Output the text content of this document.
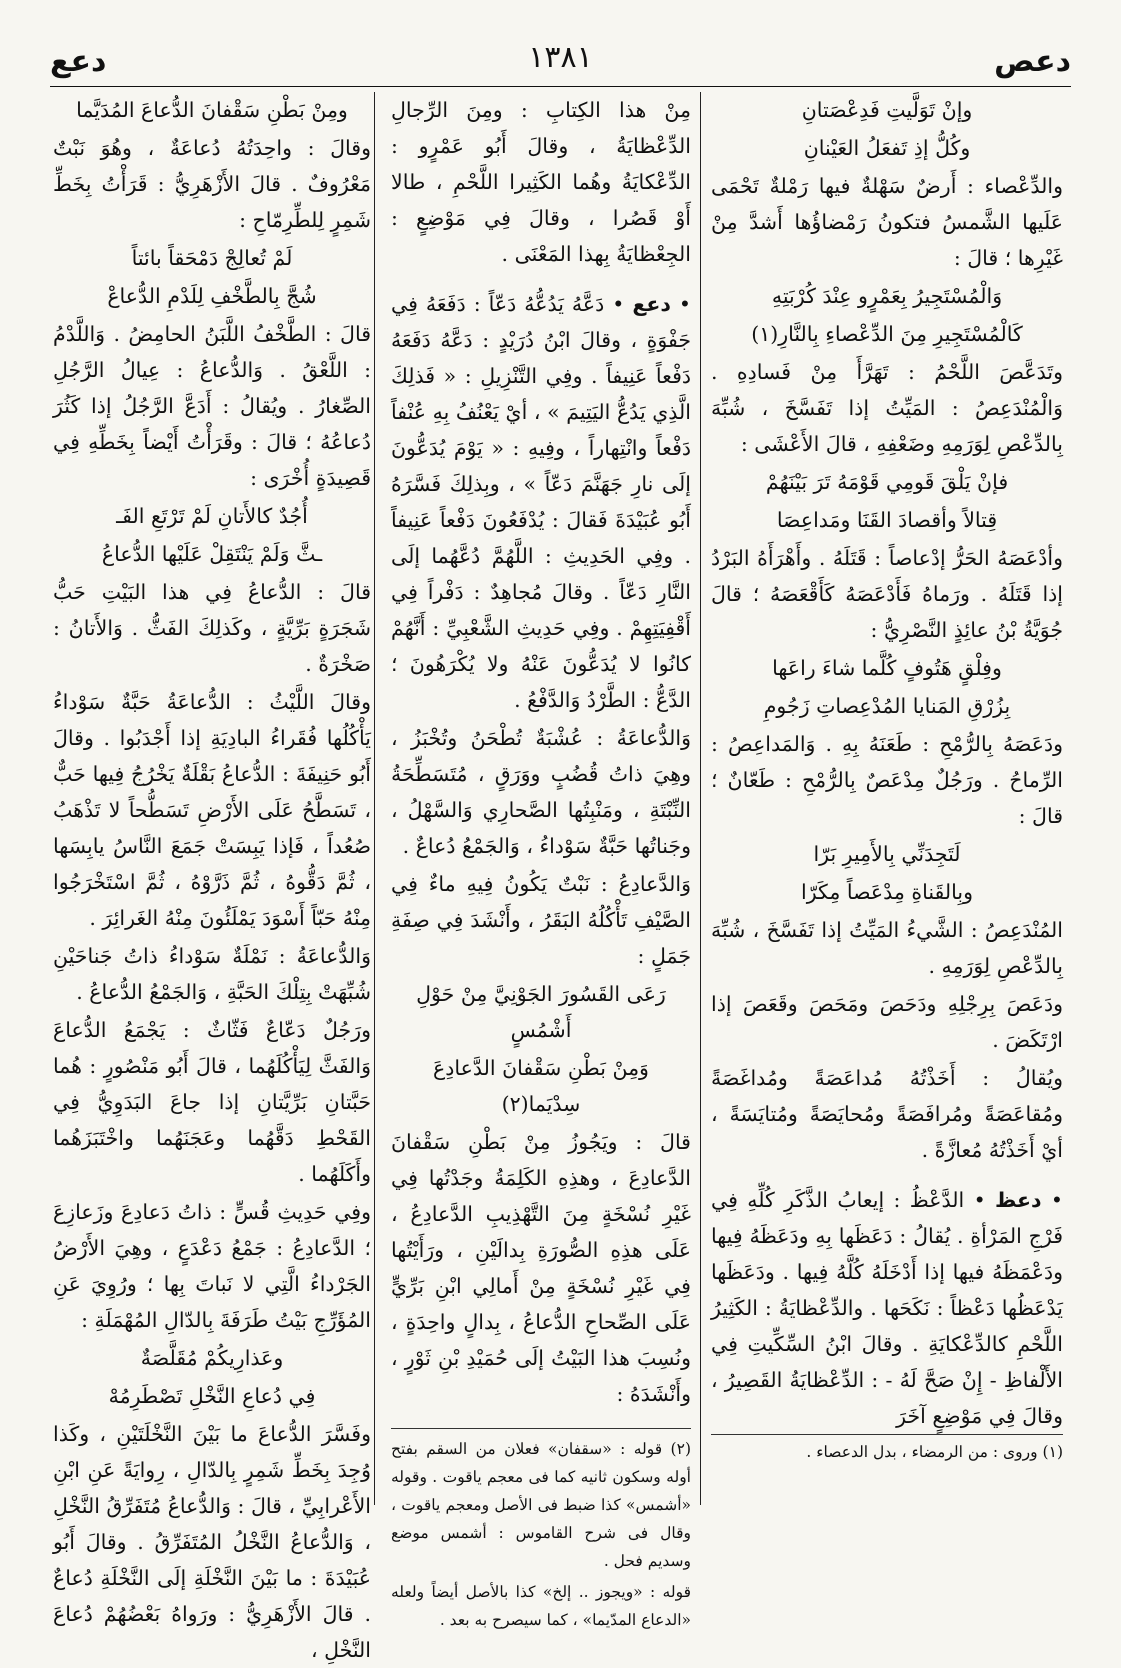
دعص
١٣٨١
دعع

وإنْ تَوَلَّيتِ فَدِعْصَتانِ

وكُلُّ إذِ تَفعَلُ العَيْنانِ

والدِّعْصاء : أَرضٌ سَهْلةٌ فيها رَمْلةٌ تَحْمَى عَلَيها الشَّمسُ فتكونُ رَمْضاؤُها أَشدَّ مِنْ غَيْرِها ؛ قالَ :

وَالْمُسْتَجِيرُ بِعَمْرٍو عِنْدَ كُرْبَتِهِ

كَالْمُسْتَجِيرِ مِنَ الدِّعْصاءِ بِالنَّارِ(١)

وتَدَعَّصَ اللَّحْمُ : تَهَرَّأَ مِنْ فَسادِهِ . وَالْمُنْدَعِصُ : المَيِّتُ إذا تَفَسَّخَ ، شُبِّهَ بِالدِّعْصِ لِوَرَمِهِ وضَعْفِهِ ، قالَ الأَعْشَى :

فإنْ يَلْقَ قَومِي قَوْمَهُ تَرَ بَيْنَهُمْ

قِتالاً وأقصادَ القَنَا ومَداعِصَا

وأدْعَصَهُ الحَرُّ إدْعاصاً : قَتَلَهُ . وأَهْرَأَهُ البَرْدُ إذا قَتَلَهُ . ورَماهُ فَأَدْعَصَهُ كَأَقْعَصَهُ ؛ قالَ جُوَيَّةُ بْنُ عائِذٍ النَّصْرِيُّ :

وفِلْقٍ هَتُوفٍ كُلَّما شاءَ راعَها

بِزُرْقِ المَنايا المُدْعِصاتِ زَجُومِ

ودَعَصَهُ بِالرُّمْحِ : طَعَنَهُ بِهِ . وَالمَداعِصُ : الرِّماحُ . ورَجُلٌ مِدْعَصٌ بِالرُّمْحِ : طَعّانٌ ؛ قالَ :

لَتَجِدَنِّي بِالأَمِيرِ بَرّا

وبِالقَناةِ مِدْعَصاً مِكَرّا

المُنْدَعِصُ : الشَّيءُ المَيِّتُ إذا تَفَسَّخَ ، شُبِّهَ بِالدِّعْصِ لِوَرَمِهِ .

ودَعَصَ بِرِجْلِهِ ودَحَصَ ومَحَصَ وقَعَصَ إذا ارْتَكَضَ .

ويُقالُ : أَخَذْتُهُ مُداعَصَةً ومُداغَصَةً ومُقاعَصَةً ومُرافَصَةً ومُحايَصَةً ومُتايَسَةً ، أيْ أَخَذْتُهُ مُعازَّةً .

• دعظ • الدَّعْظُ : إيعابُ الذَّكَرِ كُلِّهِ فِي فَرْجِ المَرْأةِ . يُقالُ : دَعَظَها بِهِ ودَعَظَهُ فِيها ودَعْمَظَهُ فيها إذا أَدْخَلَهُ كُلَّهُ فِيها . ودَعَظَها يَدْعَظُها دَعْظاً : نَكَحَها . والدِّعْظايَةُ : الكَثِيرُ اللَّحْمِ كالدِّعْكايَةِ . وقالَ ابْنُ السِّكِّيتِ فِي الأَلْفاظِ - إِنْ صَحَّ لَهُ - : الدِّعْظايَةُ القَصِيرُ ، وقالَ فِي مَوْضِعٍ آخَرَ

(١) وروى : من الرمضاء ، بدل الدعصاء .

مِنْ هذا الكِتابِ : ومِنَ الرِّجالِ الدِّعْظايَةُ ، وقالَ أَبُو عَمْرٍو : الدِّعْكايَةُ وهُما الكَثِيرا اللَّحْمِ ، طالا أَوْ قَصُرا ، وقالَ فِي مَوْضِعٍ : الجِعْظايَةُ بِهذا المَعْنَى .

• دعع • دَعَّهُ يَدُعُّهُ دَعّاً : دَفَعَهُ فِي جَفْوَةٍ ، وقالَ ابْنُ دُرَيْدٍ : دَعَّهُ دَفَعَهُ دَفْعاً عَنِيفاً . وفِي التَّنْزِيلِ : « فَذلِكَ الَّذِي يَدُعُّ اليَتِيمَ » ، أيْ يَعْنُفُ بِهِ عُنْفاً دَفْعاً وانْتِهاراً ، وفِيهِ : « يَوْمَ يُدَعُّونَ إلَى نارِ جَهَنَّمَ دَعّاً » ، وبِذلِكَ فَسَّرَهُ أَبُو عُبَيْدَةَ فَقالَ : يُدْفَعُونَ دَفْعاً عَنِيفاً . وفِي الحَدِيثِ : اللَّهُمَّ دُعَّهُما إلَى النَّارِ دَعّاً . وقالَ مُجاهِدٌ : دَفْراً فِي أَقْفِيَتِهِمْ . وفِي حَدِيثِ الشَّعْبِيِّ : أَنَّهُمْ كانُوا لا يُدَعُّونَ عَنْهُ ولا يُكْرَهُونَ ؛ الدَّعُّ : الطَّرْدُ وَالدَّفْعُ .

وَالدُّعاعَةُ : عُشْبَةٌ تُطْحَنُ وتُخْبَزُ ، وهِيَ ذاتُ قُضُبٍ ووَرَقٍ ، مُتَسَطِّحَةُ النِّبْتَةِ ، ومَنْبِتُها الصَّحارِي وَالسَّهْلُ ، وجَناتُها حَبَّةٌ سَوْداءُ ، وَالجَمْعُ دُعاعٌ .

وَالدَّعادِعُ : نَبْتٌ يَكُونُ فِيهِ ماءٌ فِي الصَّيْفِ تَأْكُلُهُ البَقَرُ ، وأَنْشَدَ فِي صِفَةِ جَمَلٍ :

رَعَى القَسُورَ الجَوْنِيَّ مِنْ حَوْلِ أَشْمُسٍ

وَمِنْ بَطْنِ سَقْفانَ الدَّعادِعَ سِدْيَما(٢)

قالَ : ويَجُوزُ مِنْ بَطْنِ سَقْفانَ الدَّعادِعَ ، وهذِهِ الكَلِمَةُ وجَدْتُها فِي غَيْرِ نُسْخَةٍ مِنَ التَّهْذِيبِ الدَّعادِعُ ، عَلَى هذِهِ الصُّورَةِ بِدالَيْنِ ، ورَأَيْتُها فِي غَيْرِ نُسْخَةٍ مِنْ أَمالِي ابْنِ بَرِّيٍّ عَلَى الصِّحاحِ الدُّعاعُ ، بِدالٍ واحِدَةٍ ، ونُسِبَ هذا البَيْتُ إلَى حُمَيْدِ بْنِ ثَوْرٍ ، وأَنْشَدَهُ :

(٢) قوله : «سقفان» فعلان من السقم بفتح أوله وسكون ثانيه كما فى معجم ياقوت . وقوله «أشمس» كذا ضبط فى الأصل ومعجم ياقوت ، وقال فى شرح القاموس : أشمس موضع وسديم فحل .

قوله : «ويجوز .. إلخ» كذا بالأصل أيضاً ولعله «الدعاع المدّيما» ، كما سيصرح به بعد .

ومِنْ بَطْنِ سَقْفانَ الدُّعاعَ المُدَيَّما

وقالَ : واحِدَتُهُ دُعاعَةٌ ، وهُوَ نَبْتٌ مَعْرُوفٌ . قالَ الأَزْهَرِيُّ : قَرَأْتُ بِخَطِّ شَمِرٍ لِلطِّرِمّاحِ :

لَمْ تُعالِجْ دَمْحَقاً بائتاً

شُجَّ بِالطَّخْفِ لِلَدْمِ الدُّعاعْ

قالَ : الطَّخْفُ اللَّبَنُ الحامِضُ . وَاللَّدْمُ : اللَّعْقُ . وَالدُّعاعُ : عِيالُ الرَّجُلِ الصِّغارُ . ويُقالُ : أَدَعَّ الرَّجُلُ إذا كَثُرَ دُعاعُهُ ؛ قالَ : وقَرَأْتُ أَيْضاً بِخَطِّهِ فِي قَصِيدَةٍ أُخْرَى :

أُجُدٌ كالأَتانِ لَمْ تَرْتَعِ الفَـ

ـثَّ وَلَمْ يَنْتَقِلْ عَلَيْها الدُّعاعُ

قالَ : الدُّعاعُ فِي هذا البَيْتِ حَبُّ شَجَرَةٍ بَرِّيَّةٍ ، وكَذلِكَ الفَثُّ . وَالأَتانُ : صَخْرَةٌ .

وقالَ اللَّيْثُ : الدُّعاعَةُ حَبَّةٌ سَوْداءُ يَأْكُلُها فُقَراءُ البادِيَةِ إذا أَجْدَبُوا . وقالَ أَبُو حَنِيفَةَ : الدُّعاعُ بَقْلَةٌ يَخْرُجُ فِيها حَبٌّ ، تَسَطَّحُ عَلَى الأَرْضِ تَسَطُّحاً لا تَذْهَبُ صُعُداً ، فَإذا يَبِسَتْ جَمَعَ النَّاسُ يابِسَها ، ثُمَّ دَقُّوهُ ، ثُمَّ ذَرَّوْهُ ، ثُمَّ اسْتَخْرَجُوا مِنْهُ حَبّاً أَسْوَدَ يَمْلَئُونَ مِنْهُ الغَرائِرَ .

وَالدُّعاعَةُ : نَمْلَةٌ سَوْداءُ ذاتُ جَناحَيْنِ شُبِّهَتْ بِتِلْكَ الحَبَّةِ ، وَالجَمْعُ الدُّعاعُ .

ورَجُلٌ دَعّاعٌ فَثّاثٌ : يَجْمَعُ الدُّعاعَ وَالفَثَّ لِيَأْكُلَهُما ، قالَ أَبُو مَنْصُورٍ : هُما حَبَّتانِ بَرِّيَّتانِ إذا جاعَ البَدَوِيُّ فِي القَحْطِ دَقَّهُما وعَجَنَهُما واخْتَبَزَهُما وأَكَلَهُما .

وفِي حَدِيثِ قُسٍّ : ذاتُ دَعادِعَ وزَعازِعَ ؛ الدَّعادِعُ : جَمْعُ دَعْدَعٍ ، وهِيَ الأَرْضُ الجَرْداءُ الَّتِي لا نَباتَ بِها ؛ ورُوِيَ عَنِ المُؤَرِّجِ بَيْتُ طَرَفَةَ بِالدّالِ المُهْمَلَةِ :

وعَذارِيكُمْ مُقَلَّصَةٌ

فِي دُعاعِ النَّخْلِ تَصْطَرِمُهْ

وفَسَّرَ الدُّعاعَ ما بَيْنَ النَّخْلَتَيْنِ ، وكَذا وُجِدَ بِخَطِّ شَمِرٍ بِالدّالِ ، رِوايَةً عَنِ ابْنِ الأَعْرابِيِّ ، قالَ : وَالدُّعاعُ مُتَفَرِّقُ النَّخْلِ ، وَالدُّعاعُ النَّخْلُ المُتَفَرِّقُ . وقالَ أَبُو عُبَيْدَةَ : ما بَيْنَ النَّخْلَةِ إلَى النَّخْلَةِ دُعاعٌ . قالَ الأَزْهَرِيُّ : ورَواهُ بَعْضُهُمْ دُعاعَ النَّخْلِ ،
